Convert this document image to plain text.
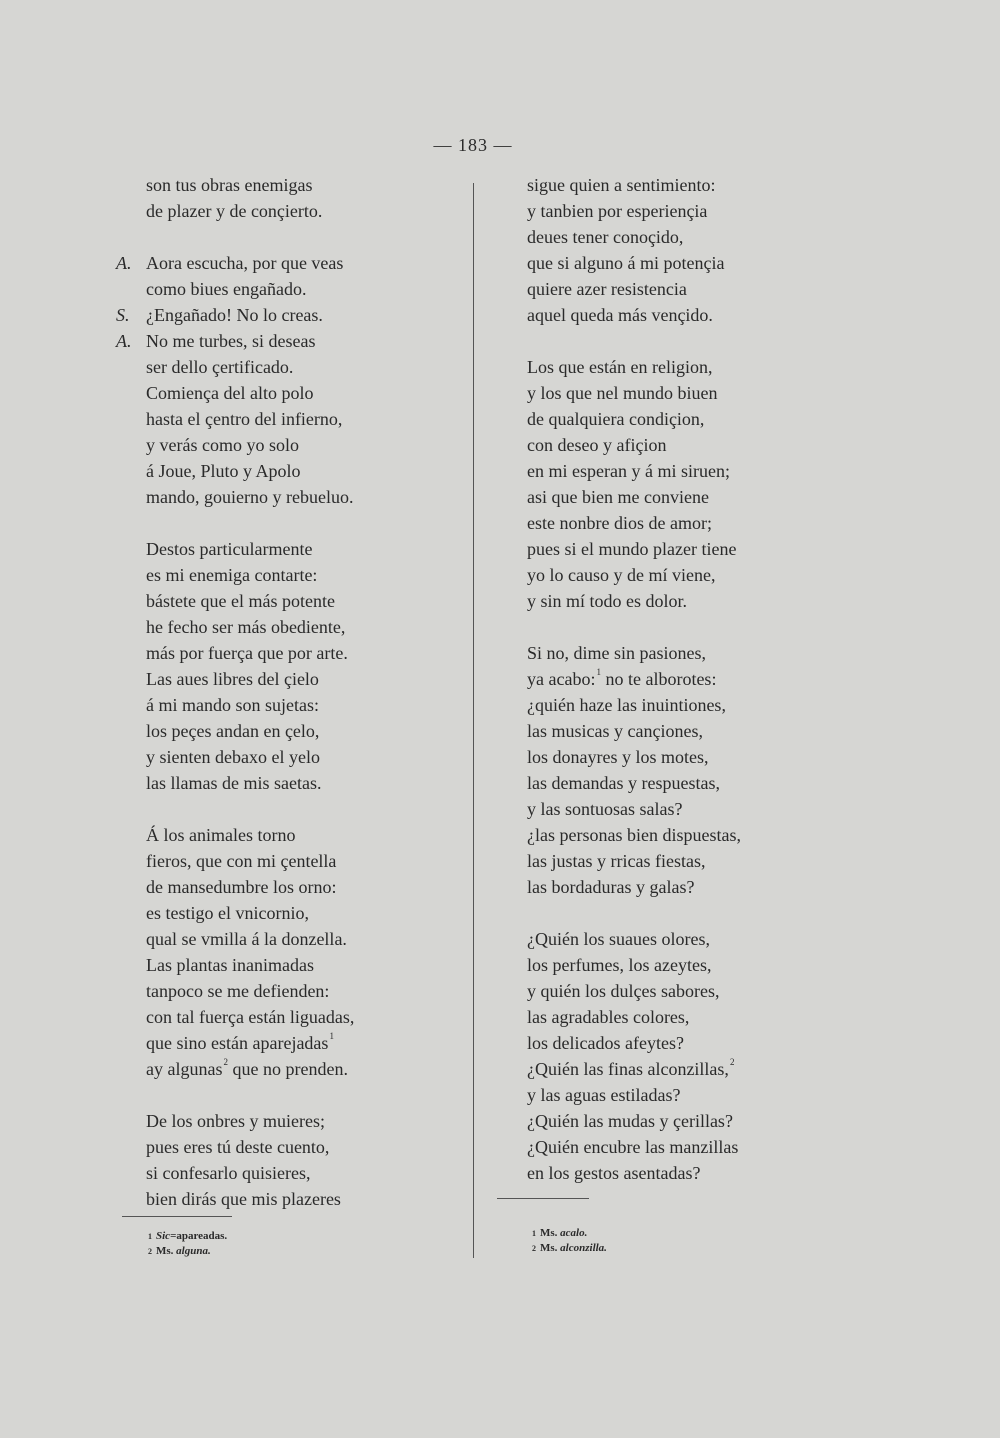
— 183 —
son tus obras enemigas
de plazer y de conçierto.
A. Aora escucha, por que veas
como biues engañado.
S. ¿Engañado! No lo creas.
A. No me turbes, si deseas
ser dello çertificado.
Comiença del alto polo
hasta el çentro del infierno,
y verás como yo solo
á Joue, Pluto y Apolo
mando, gouierno y rebueluo.
Destos particularmente
es mi enemiga contarte:
bástete que el más potente
he fecho ser más obediente,
más por fuerça que por arte.
Las aues libres del çielo
á mi mando son sujetas:
los peçes andan en çelo,
y sienten debaxo el yelo
las llamas de mis saetas.
Á los animales torno
fieros, que con mi çentella
de mansedumbre los orno:
es testigo el vnicornio,
qual se vmilla á la donzella.
Las plantas inanimadas
tanpoco se me defienden:
con tal fuerça están liguadas,
que sino están aparejadas$^1$
ay algunas$^2$ que no prenden.
De los onbres y muieres;
pues eres tú deste cuento,
si confesarlo quisieres,
bien dirás que mis plazeres
sigue quien a sentimiento:
y tanbien por esperiençia
deues tener conoçido,
que si alguno á mi potençia
quiere azer resistencia
aquel queda más vençido.
Los que están en religion,
y los que nel mundo biuen
de qualquiera condiçion,
con deseo y afiçion
en mi esperan y á mi siruen;
asi que bien me conviene
este nonbre dios de amor;
pues si el mundo plazer tiene
yo lo causo y de mí viene,
y sin mí todo es dolor.
Si no, dime sin pasiones,
ya acabo:$^1$ no te alborotes:
¿quién haze las inuintiones,
las musicas y cançiones,
los donayres y los motes,
las demandas y respuestas,
y las sontuosas salas?
¿las personas bien dispuestas,
las justas y rricas fiestas,
las bordaduras y galas?
¿Quién los suaues olores,
los perfumes, los azeytes,
y quién los dulçes sabores,
las agradables colores,
los delicados afeytes?
¿Quién las finas alconzillas,$^2$
y las aguas estiladas?
¿Quién las mudas y çerillas?
¿Quién encubre las manzillas
en los gestos asentadas?
$^1$ Sic=apareadas.
$^2$ Ms. alguna.
$^1$ Ms. acalo.
$^2$ Ms. alconzilla.
